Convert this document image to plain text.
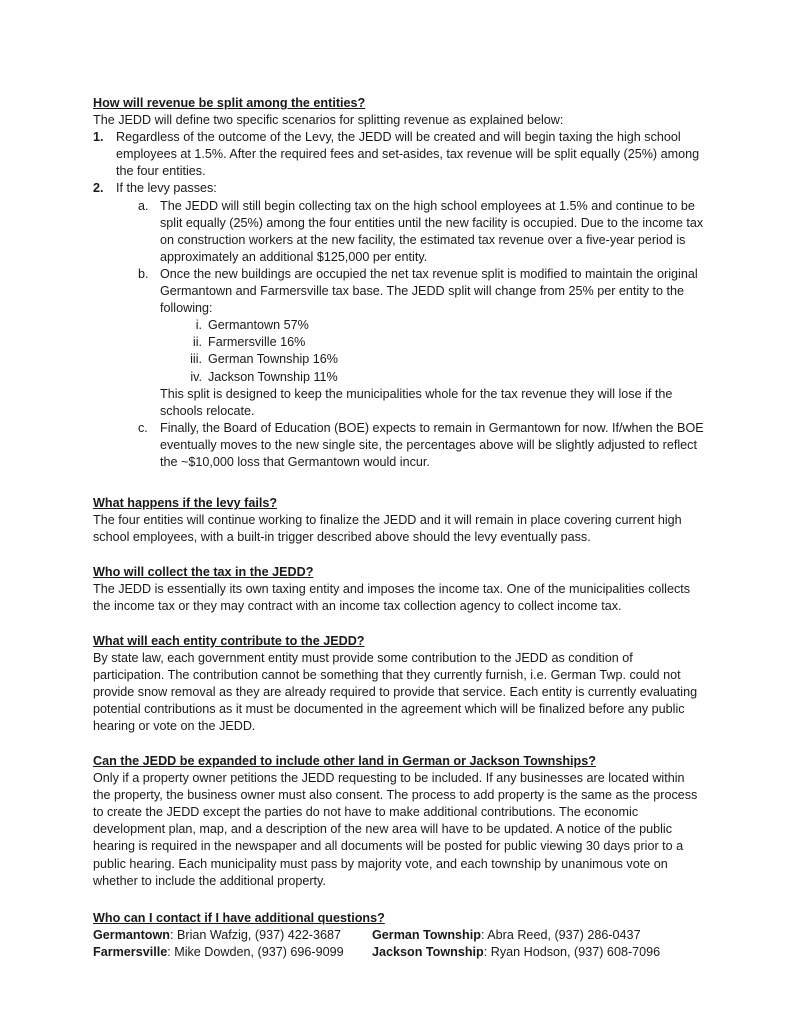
How will revenue be split among the entities?

The JEDD will define two specific scenarios for splitting revenue as explained below:

1. Regardless of the outcome of the Levy, the JEDD will be created and will begin taxing the high school employees at 1.5%. After the required fees and set-asides, tax revenue will be split equally (25%) among the four entities.

2. If the levy passes:

a. The JEDD will still begin collecting tax on the high school employees at 1.5% and continue to be split equally (25%) among the four entities until the new facility is occupied. Due to the income tax on construction workers at the new facility, the estimated tax revenue over a five-year period is approximately an additional $125,000 per entity.

b. Once the new buildings are occupied the net tax revenue split is modified to maintain the original Germantown and Farmersville tax base. The JEDD split will change from 25% per entity to the following:

i. Germantown 57%

ii. Farmersville 16%

iii. German Township 16%

iv. Jackson Township 11%

This split is designed to keep the municipalities whole for the tax revenue they will lose if the schools relocate.

c. Finally, the Board of Education (BOE) expects to remain in Germantown for now. If/when the BOE eventually moves to the new single site, the percentages above will be slightly adjusted to reflect the ~$10,000 loss that Germantown would incur.

What happens if the levy fails?

The four entities will continue working to finalize the JEDD and it will remain in place covering current high school employees, with a built-in trigger described above should the levy eventually pass.

Who will collect the tax in the JEDD?

The JEDD is essentially its own taxing entity and imposes the income tax. One of the municipalities collects the income tax or they may contract with an income tax collection agency to collect income tax.

What will each entity contribute to the JEDD?

By state law, each government entity must provide some contribution to the JEDD as condition of participation. The contribution cannot be something that they currently furnish, i.e. German Twp. could not provide snow removal as they are already required to provide that service. Each entity is currently evaluating potential contributions as it must be documented in the agreement which will be finalized before any public hearing or vote on the JEDD.

Can the JEDD be expanded to include other land in German or Jackson Townships?

Only if a property owner petitions the JEDD requesting to be included. If any businesses are located within the property, the business owner must also consent. The process to add property is the same as the process to create the JEDD except the parties do not have to make additional contributions. The economic development plan, map, and a description of the new area will have to be updated. A notice of the public hearing is required in the newspaper and all documents will be posted for public viewing 30 days prior to a public hearing. Each municipality must pass by majority vote, and each township by unanimous vote on whether to include the additional property.

Who can I contact if I have additional questions?

Germantown: Brian Wafzig, (937) 422-3687	German Township: Abra Reed, (937) 286-0437
Farmersville: Mike Dowden, (937) 696-9099	Jackson Township: Ryan Hodson, (937) 608-7096
